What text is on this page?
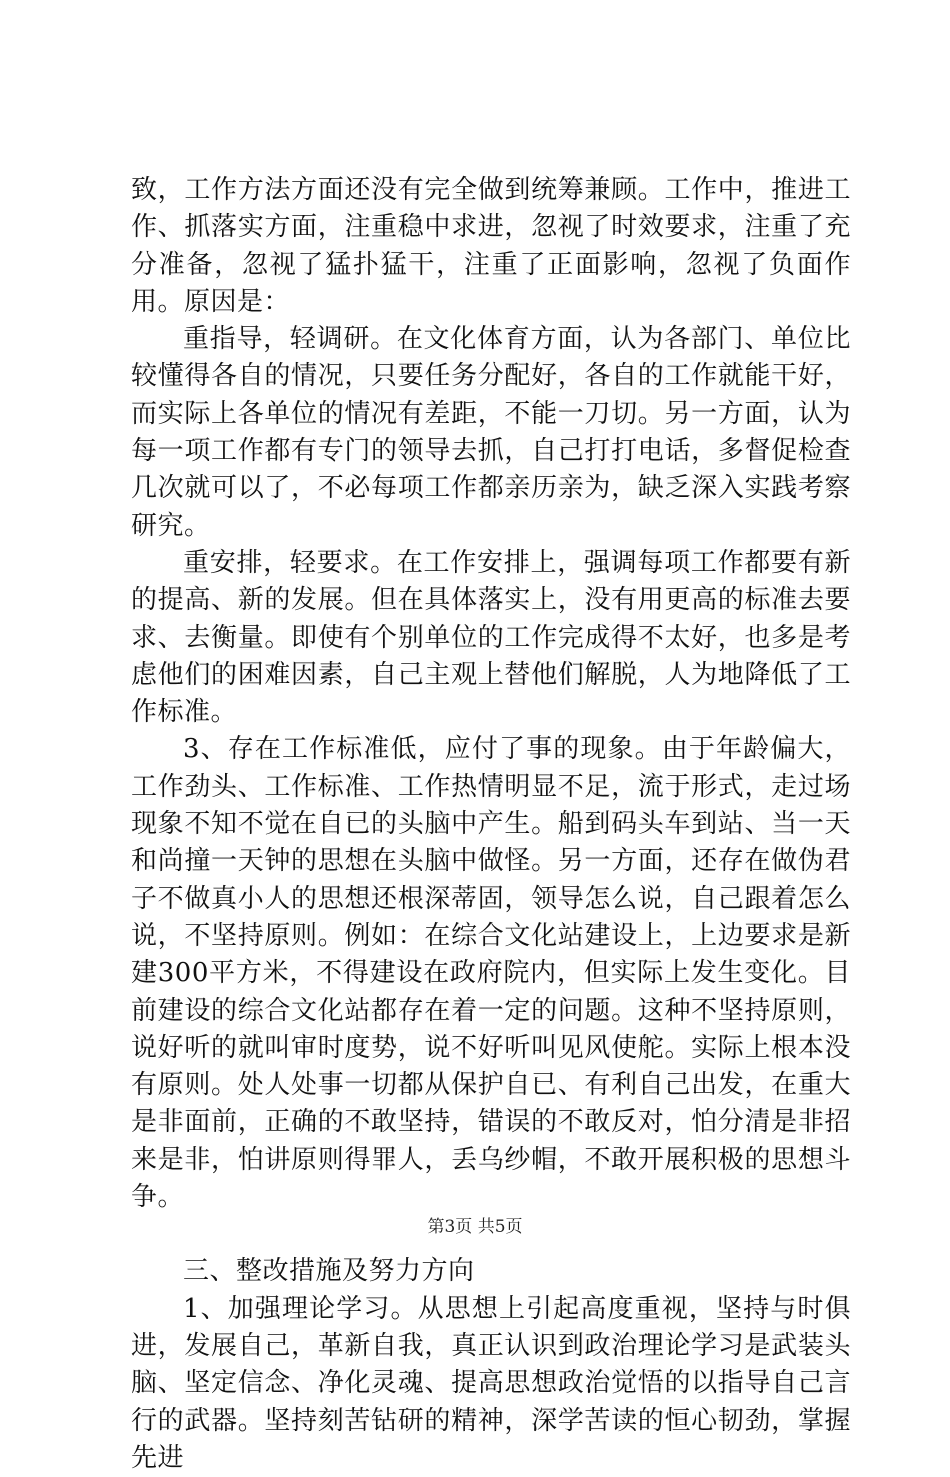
致，工作方法方面还没有完全做到统筹兼顾。工作中，推进工作、抓落实方面，注重稳中求进，忽视了时效要求，注重了充分准备，忽视了猛扑猛干，注重了正面影响，忽视了负面作用。原因是：

重指导，轻调研。在文化体育方面，认为各部门、单位比较懂得各自的情况，只要任务分配好，各自的工作就能干好，而实际上各单位的情况有差距，不能一刀切。另一方面，认为每一项工作都有专门的领导去抓，自己打打电话，多督促检查几次就可以了，不必每项工作都亲历亲为，缺乏深入实践考察研究。

重安排，轻要求。在工作安排上，强调每项工作都要有新的提高、新的发展。但在具体落实上，没有用更高的标准去要求、去衡量。即使有个别单位的工作完成得不太好，也多是考虑他们的困难因素，自己主观上替他们解脱，人为地降低了工作标准。

3、存在工作标准低，应付了事的现象。由于年龄偏大，工作劲头、工作标准、工作热情明显不足，流于形式，走过场现象不知不觉在自已的头脑中产生。船到码头车到站、当一天和尚撞一天钟的思想在头脑中做怪。另一方面，还存在做伪君子不做真小人的思想还根深蒂固，领导怎么说，自己跟着怎么说，不坚持原则。例如：在综合文化站建设上，上边要求是新建300平方米，不得建设在政府院内，但实际上发生变化。目前建设的综合文化站都存在着一定的问题。这种不坚持原则，说好听的就叫审时度势，说不好听叫见风使舵。实际上根本没有原则。处人处事一切都从保护自已、有利自己出发，在重大是非面前，正确的不敢坚持，错误的不敢反对，怕分清是非招来是非，怕讲原则得罪人，丢乌纱帽，不敢开展积极的思想斗争。

三、整改措施及努力方向

1、加强理论学习。从思想上引起高度重视，坚持与时俱进，发展自己，革新自我，真正认识到政治理论学习是武装头脑、坚定信念、净化灵魂、提高思想政治觉悟的以指导自己言行的武器。坚持刻苦钻研的精神，深学苦读的恒心韧劲，掌握先进

第3页 共5页
